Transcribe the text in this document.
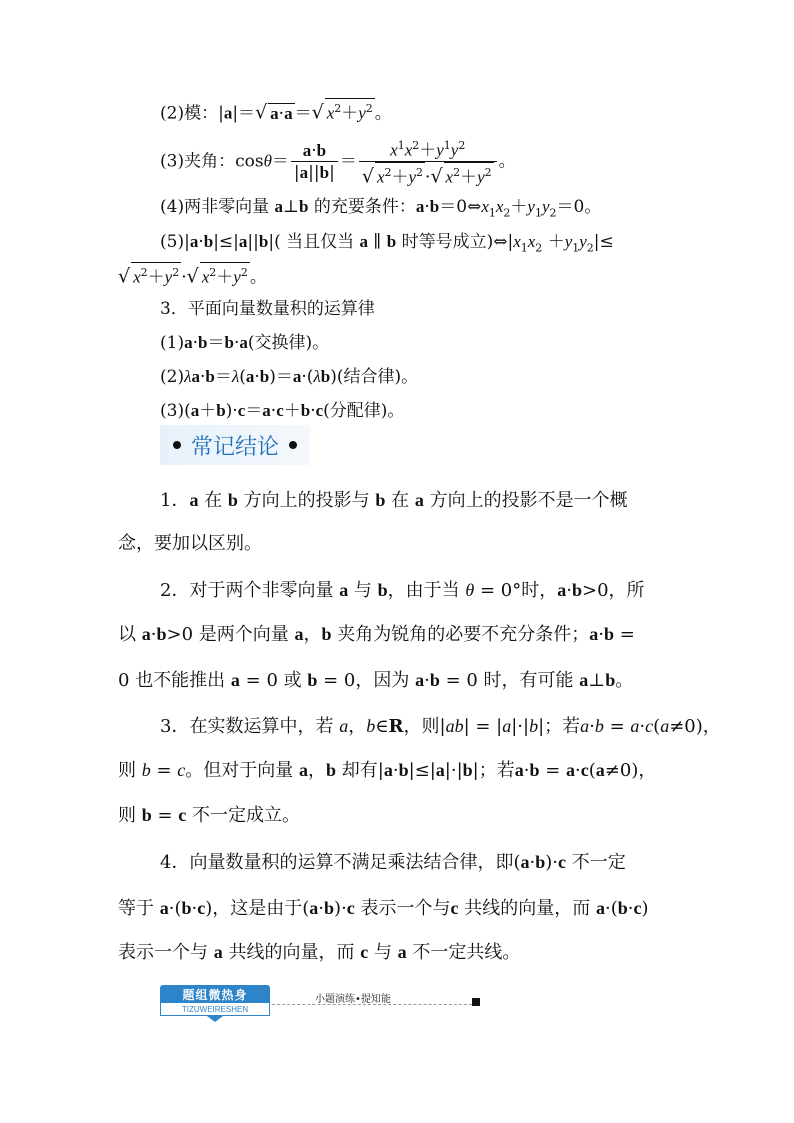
(2)模：|a|＝√ a·a ＝√ $x^2+y^2$ 。
(3)夹角：$\cos\theta= \frac{a\cdot b}{|a||b|} = \frac{x^1x^2+y^1y^2}{√ x^2+y^2 \cdot√ x^2+y^2}$ 。
(4)两非零向量 a⊥b 的充要条件：$a\cdot b=0\Leftrightarrow x_1x_2+y_1y_2=0$。
(5)|a·b|≤|a||b|( 当且仅当 a ∥ b 时等号成立)$\Leftrightarrow|x_1x_2 +y_1y_2|\le$
√ $x^2+y^2$ ·√ $x^2+y^2$ 。
3．平面向量数量积的运算律
(1)a·b＝b·a(交换律)。
(2)λa·b＝λ(a·b)＝a·(λb)(结合律)。
(3)(a＋b)·c＝a·c＋b·c(分配律)。
常记结论
1．a 在 b 方向上的投影与 b 在 a 方向上的投影不是一个概
念，要加以区别。
2．对于两个非零向量 a 与 b，由于当 θ = 0°时，a·b>0，所
以 a·b>0 是两个向量 a，b 夹角为锐角的必要不充分条件；a·b =
0 也不能推出 a = 0 或 b = 0，因为 a·b = 0 时，有可能 a⊥b。
3．在实数运算中，若 a，b∈R，则|ab| = |a|·|b|；若a·b = a·c(a≠0)，
则 b = c。但对于向量 a，b 却有|a·b|≤|a|·|b|；若a·b = a·c(a≠0)，
则 b = c 不一定成立。
4．向量数量积的运算不满足乘法结合律，即(a·b)·c 不一定
等于 a·(b·c)，这是由于(a·b)·c 表示一个与c 共线的向量，而 a·(b·c)
表示一个与 a 共线的向量，而 c 与 a 不一定共线。
题组微热身
TIZUWEIRESHEN
小题演练•提知能
